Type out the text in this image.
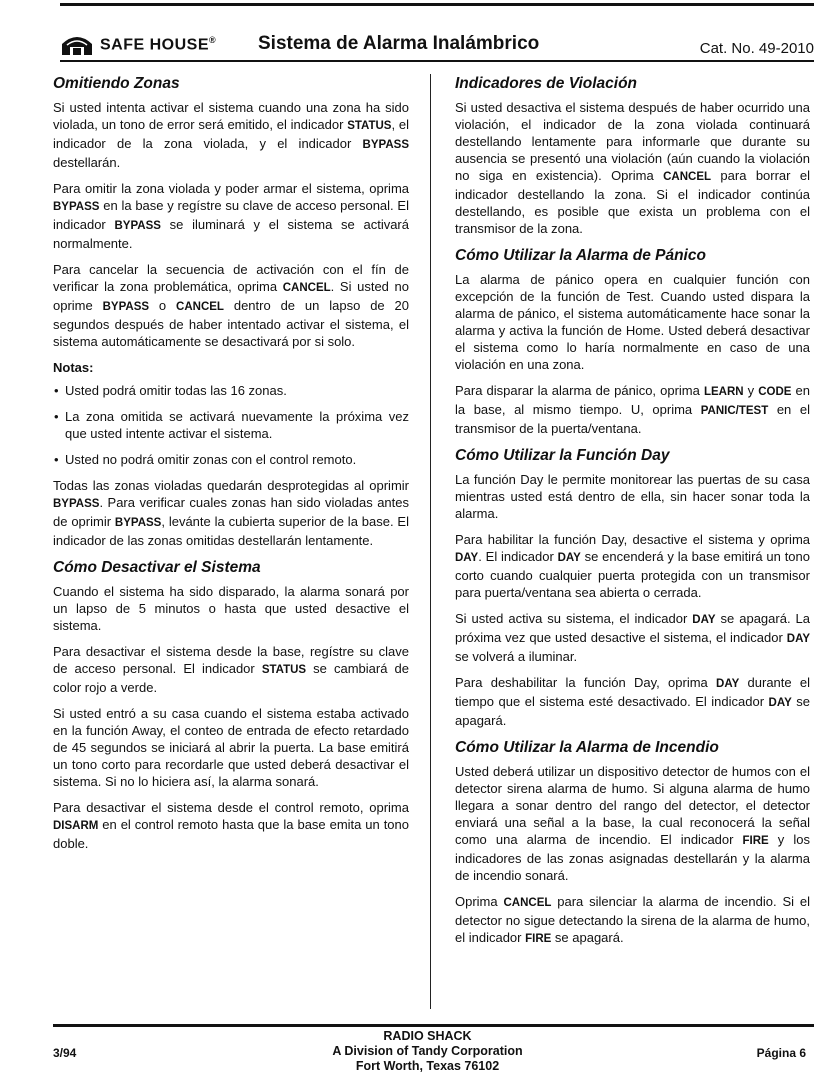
SAFE HOUSE® Sistema de Alarma Inalámbrico	Cat. No. 49-2010
Omitiendo Zonas

Si usted intenta activar el sistema cuando una zona ha sido violada, un tono de error será emitido, el indicador STATUS, el indicador de la zona violada, y el indicador BYPASS destellarán.

Para omitir la zona violada y poder armar el sistema, oprima BYPASS en la base y regístre su clave de acceso personal. El indicador BYPASS se iluminará y el sistema se activará normalmente.

Para cancelar la secuencia de activación con el fín de verificar la zona problemática, oprima CANCEL. Si usted no oprime BYPASS o CANCEL dentro de un lapso de 20 segundos después de haber intentado activar el sistema, el sistema automáticamente se desactivará por si solo.

Notas:

• Usted podrá omitir todas las 16 zonas.
• La zona omitida se activará nuevamente la próxima vez que usted intente activar el sistema.
• Usted no podrá omitir zonas con el control remoto.

Todas las zonas violadas quedarán desprotegidas al oprimir BYPASS. Para verificar cuales zonas han sido violadas antes de oprimir BYPASS, levánte la cubierta superior de la base. El indicador de las zonas omitidas destellarán lentamente.

Cómo Desactivar el Sistema

Cuando el sistema ha sido disparado, la alarma sonará por un lapso de 5 minutos o hasta que usted desactive el sistema.

Para desactivar el sistema desde la base, regístre su clave de acceso personal. El indicador STATUS se cambiará de color rojo a verde.

Si usted entró a su casa cuando el sistema estaba activado en la función Away, el conteo de entrada de efecto retardado de 45 segundos se iniciará al abrir la puerta. La base emitirá un tono corto para recordarle que usted deberá desactivar el sistema. Si no lo hiciera así, la alarma sonará.

Para desactivar el sistema desde el control remoto, oprima DISARM en el control remoto hasta que la base emita un tono doble.

Indicadores de Violación

Si usted desactiva el sistema después de haber ocurrido una violación, el indicador de la zona violada continuará destellando lentamente para informarle que durante su ausencia se presentó una violación (aún cuando la violación no siga en existencia). Oprima CANCEL para borrar el indicador destellando la zona. Si el indicador continúa destellando, es posible que exista un problema con el transmisor de la zona.

Cómo Utilizar la Alarma de Pánico

La alarma de pánico opera en cualquier función con excepción de la función de Test. Cuando usted dispara la alarma de pánico, el sistema automáticamente hace sonar la alarma y activa la función de Home. Usted deberá desactivar el sistema como lo haría normalmente en caso de una violación en una zona.

Para disparar la alarma de pánico, oprima LEARN y CODE en la base, al mismo tiempo. U, oprima PANIC/TEST en el transmisor de la puerta/ventana.

Cómo Utilizar la Función Day

La función Day le permite monitorear las puertas de su casa mientras usted está dentro de ella, sin hacer sonar toda la alarma.

Para habilitar la función Day, desactive el sistema y oprima DAY. El indicador DAY se encenderá y la base emitirá un tono corto cuando cualquier puerta protegida con un transmisor para puerta/ventana sea abierta o cerrada.

Si usted activa su sistema, el indicador DAY se apagará. La próxima vez que usted desactive el sistema, el indicador DAY se volverá a iluminar.

Para deshabilitar la función Day, oprima DAY durante el tiempo que el sistema esté desactivado. El indicador DAY se apagará.

Cómo Utilizar la Alarma de Incendio

Usted deberá utilizar un dispositivo detector de humos con el detector sirena alarma de humo. Si alguna alarma de humo llegara a sonar dentro del rango del detector, el detector enviará una señal a la base, la cual reconocerá la señal como una alarma de incendio. El indicador FIRE y los indicadores de las zonas asignadas destellarán y la alarma de incendio sonará.

Oprima CANCEL para silenciar la alarma de incendio. Si el detector no sigue detectando la sirena de la alarma de humo, el indicador FIRE se apagará.

3/94
RADIO SHACK
A Division of Tandy Corporation
Fort Worth, Texas 76102
Página 6
